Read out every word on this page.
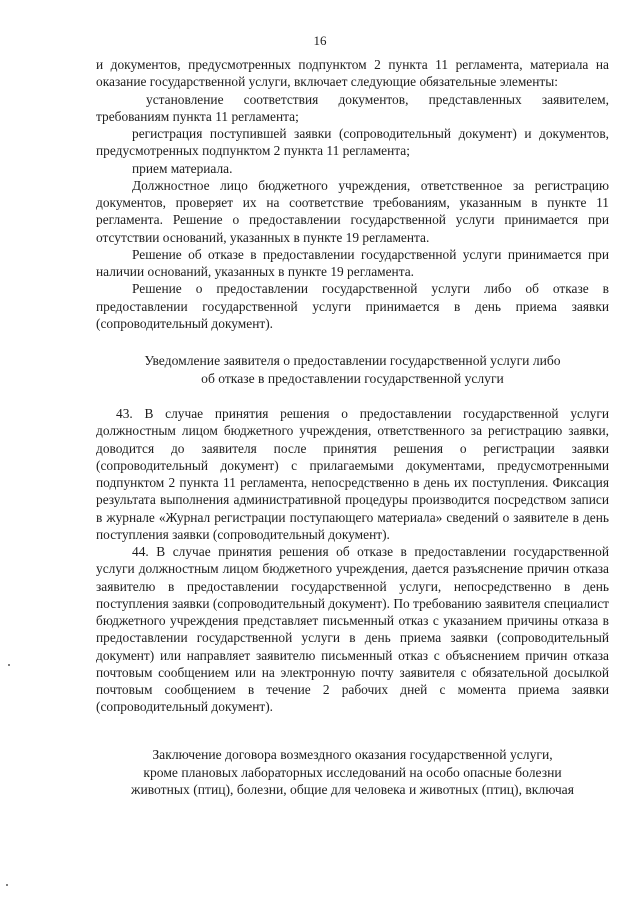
16

и документов, предусмотренных подпунктом 2 пункта 11 регламента, материала на оказание государственной услуги, включает следующие обязательные элементы:

установление соответствия документов, представленных заявителем, требованиям пункта 11 регламента;

регистрация поступившей заявки (сопроводительный документ) и документов, предусмотренных подпунктом 2 пункта 11 регламента;

прием материала.

Должностное лицо бюджетного учреждения, ответственное за регистрацию документов, проверяет их на соответствие требованиям, указанным в пункте 11 регламента. Решение о предоставлении государственной услуги принимается при отсутствии оснований, указанных в пункте 19 регламента.

Решение об отказе в предоставлении государственной услуги принимается при наличии оснований, указанных в пункте 19 регламента.

Решение о предоставлении государственной услуги либо об отказе в предоставлении государственной услуги принимается в день приема заявки (сопроводительный документ).

Уведомление заявителя о предоставлении государственной услуги либо
об отказе в предоставлении государственной услуги

43. В случае принятия решения о предоставлении государственной услуги должностным лицом бюджетного учреждения, ответственного за регистрацию заявки, доводится до заявителя после принятия решения о регистрации заявки (сопроводительный документ) с прилагаемыми документами, предусмотренными подпунктом 2 пункта 11 регламента, непосредственно в день их поступления. Фиксация результата выполнения административной процедуры производится посредством записи в журнале «Журнал регистрации поступающего материала» сведений о заявителе в день поступления заявки (сопроводительный документ).

44. В случае принятия решения об отказе в предоставлении государственной услуги должностным лицом бюджетного учреждения, дается разъяснение причин отказа заявителю в предоставлении государственной услуги, непосредственно в день поступления заявки (сопроводительный документ). По требованию заявителя специалист бюджетного учреждения представляет письменный отказ с указанием причины отказа в предоставлении государственной услуги в день приема заявки (сопроводительный документ) или направляет заявителю письменный отказ с объяснением причин отказа почтовым сообщением или на электронную почту заявителя с обязательной досылкой почтовым сообщением в течение 2 рабочих дней с момента приема заявки (сопроводительный документ).

Заключение договора возмездного оказания государственной услуги,
кроме плановых лабораторных исследований на особо опасные болезни
животных (птиц), болезни, общие для человека и животных (птиц), включая
